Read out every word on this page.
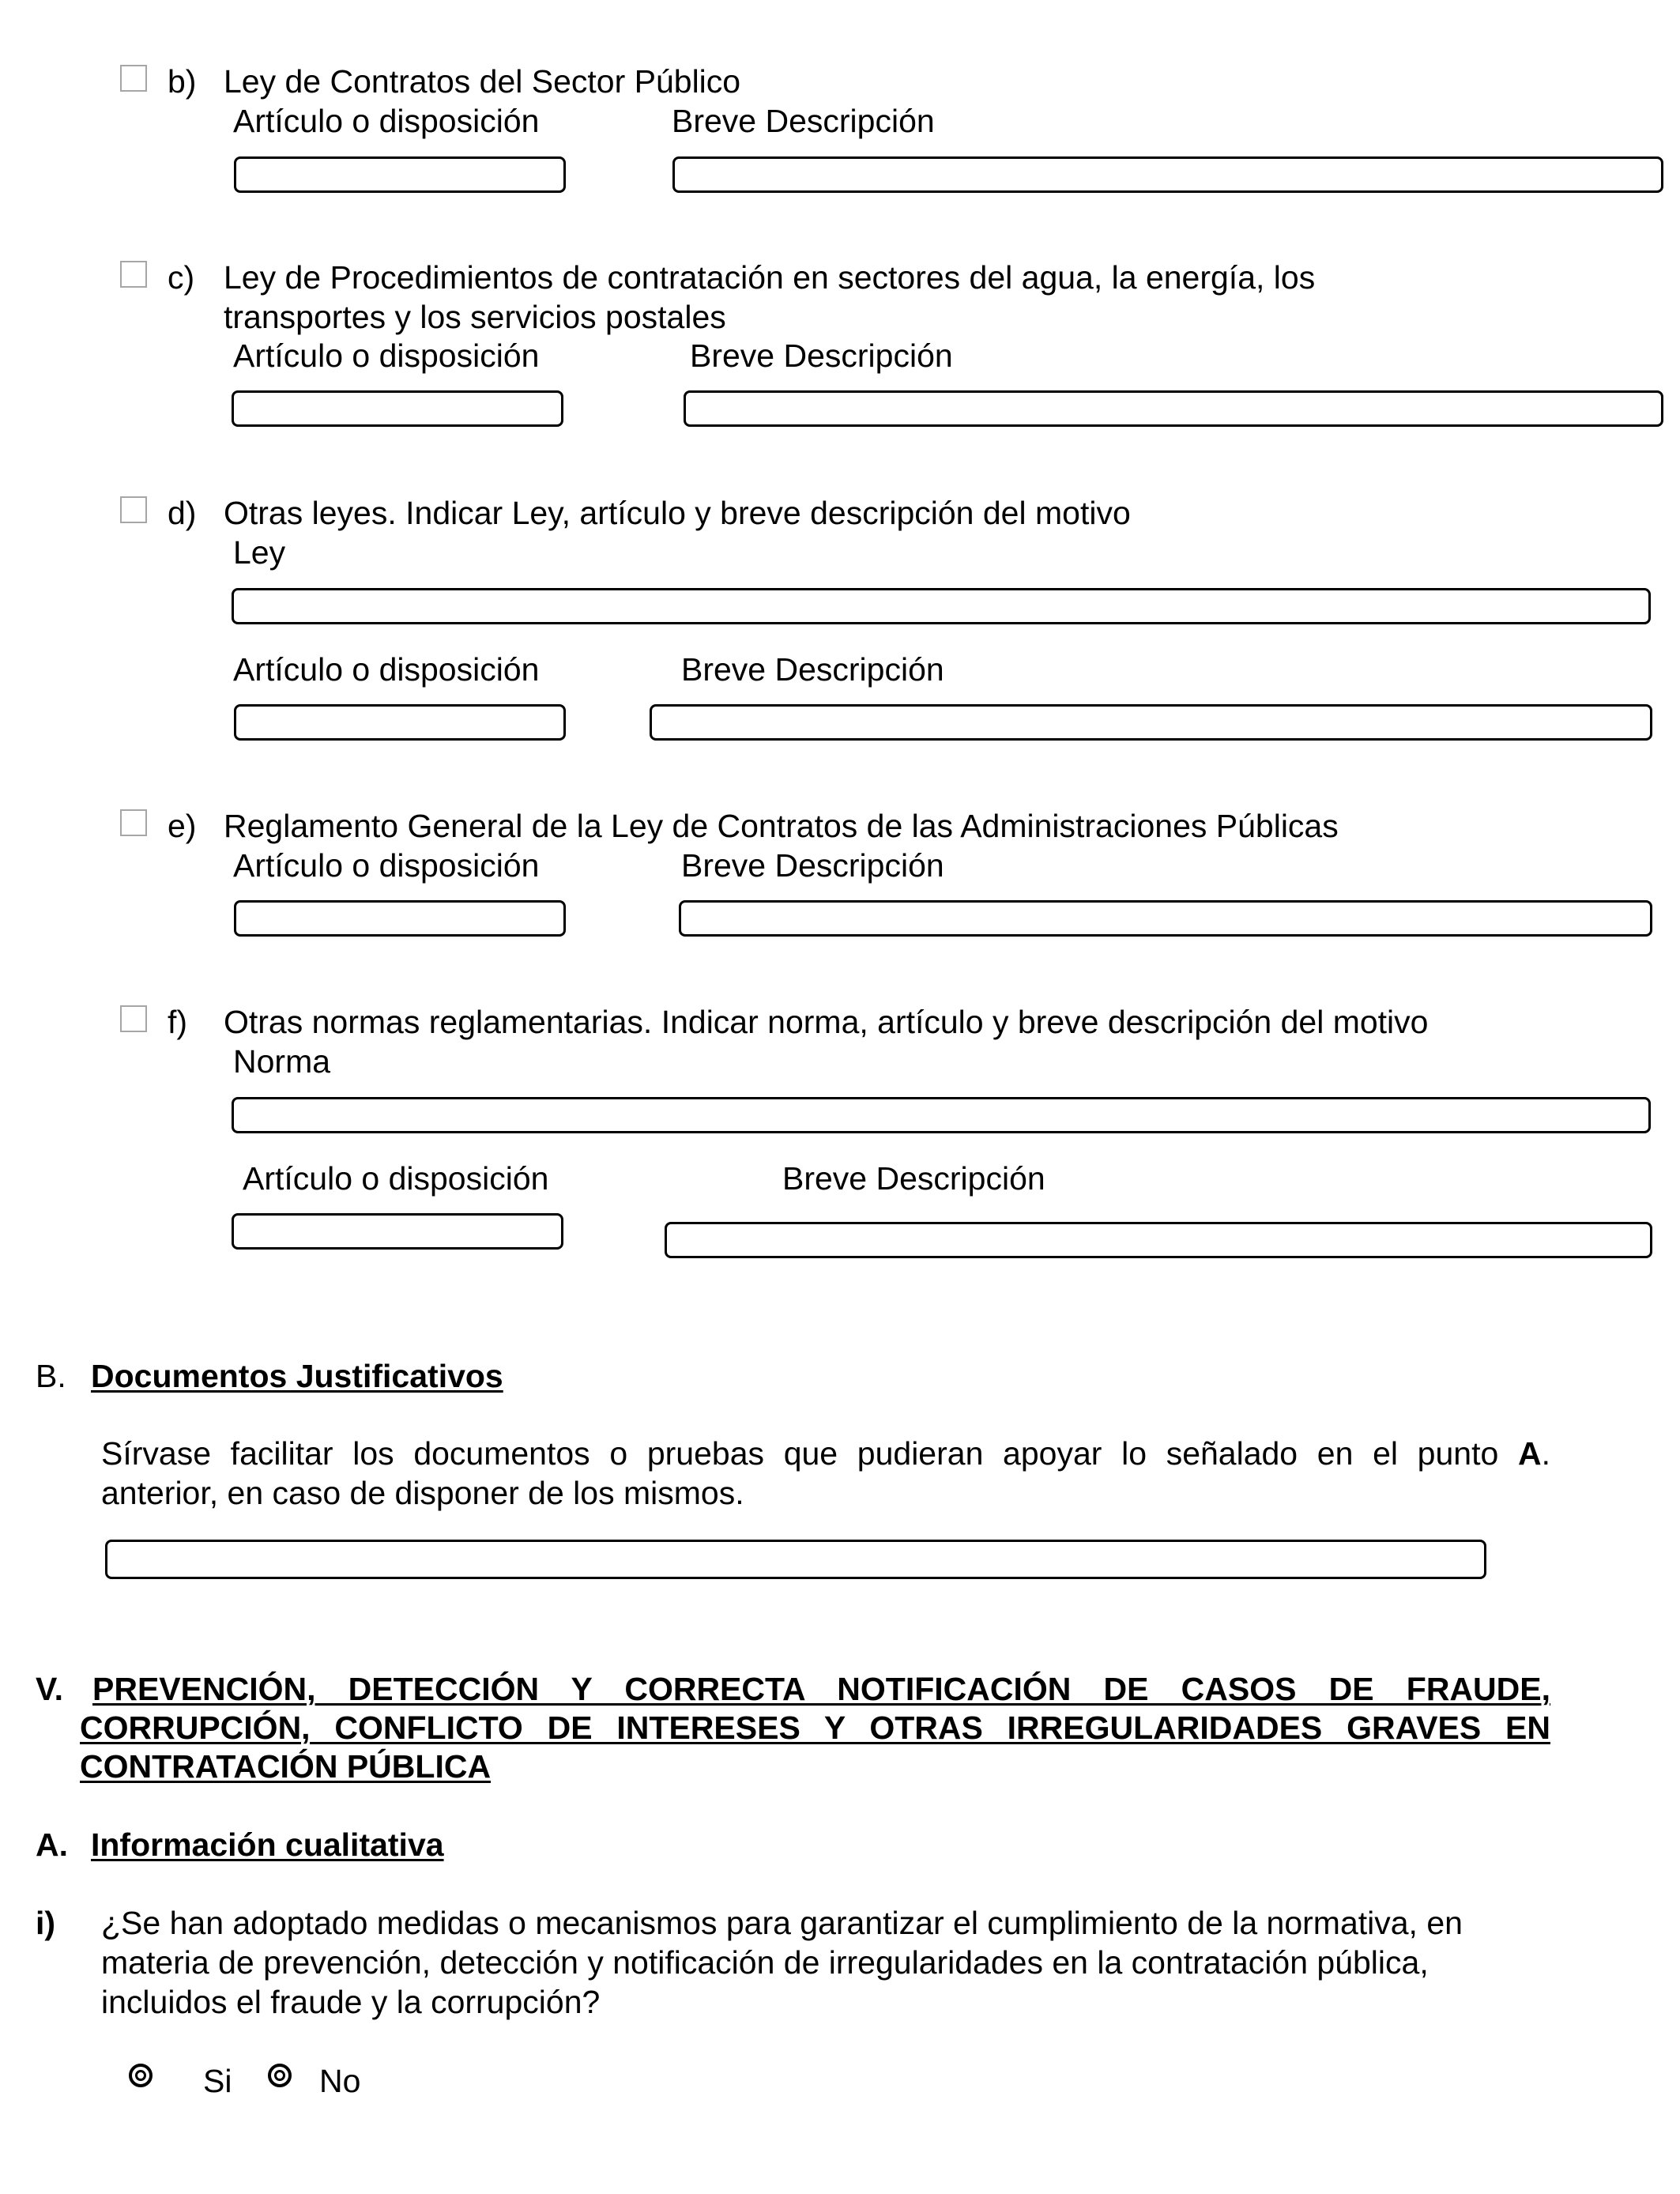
b) Ley de Contratos del Sector Público
Artículo o disposición	Breve Descripción
c) Ley de Procedimientos de contratación en sectores del agua, la energía, los
transportes y los servicios postales
Artículo o disposición	Breve Descripción
d) Otras leyes. Indicar Ley, artículo y breve descripción del motivo
Ley
Artículo o disposición	Breve Descripción
e) Reglamento General de la Ley de Contratos de las Administraciones Públicas
Artículo o disposición	Breve Descripción
f) Otras normas reglamentarias. Indicar norma, artículo y breve descripción del motivo
Norma
Artículo o disposición	Breve Descripción
B. Documentos Justificativos
Sírvase facilitar los documentos o pruebas que pudieran apoyar lo señalado en el punto A.
anterior, en caso de disponer de los mismos.
V. PREVENCIÓN, DETECCIÓN Y CORRECTA NOTIFICACIÓN DE CASOS DE FRAUDE,
CORRUPCIÓN, CONFLICTO DE INTERESES Y OTRAS IRREGULARIDADES GRAVES EN
CONTRATACIÓN PÚBLICA
A. Información cualitativa
i) ¿Se han adoptado medidas o mecanismos para garantizar el cumplimiento de la normativa, en
materia de prevención, detección y notificación de irregularidades en la contratación pública,
incluidos el fraude y la corrupción?
Si	No
